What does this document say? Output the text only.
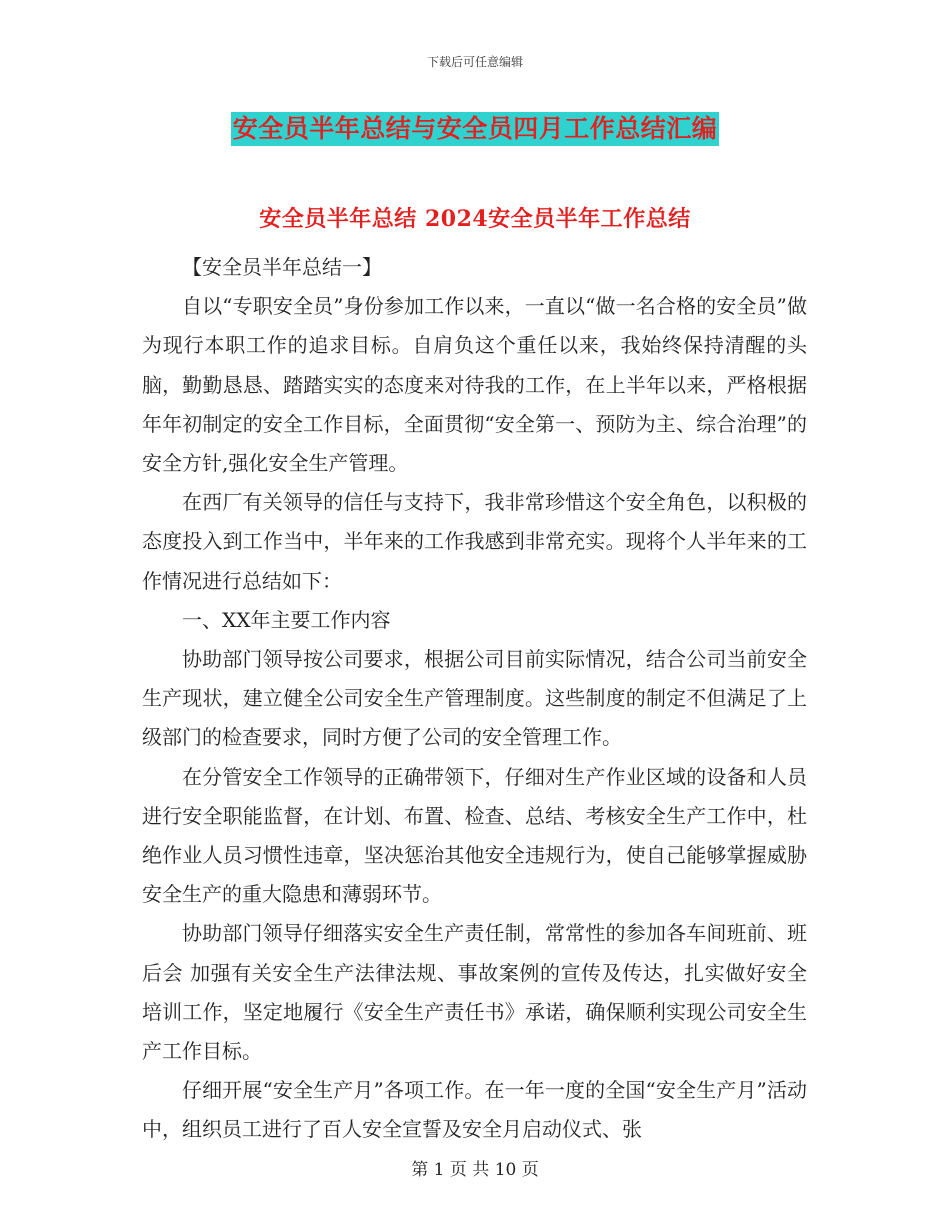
下载后可任意编辑
安全员半年总结与安全员四月工作总结汇编
安全员半年总结 2024安全员半年工作总结

【安全员半年总结一】

自以“专职安全员”身份参加工作以来，一直以“做一名合格的安全员”做为现行本职工作的追求目标。自肩负这个重任以来，我始终保持清醒的头脑，勤勤恳恳、踏踏实实的态度来对待我的工作，在上半年以来，严格根据 年年初制定的安全工作目标，全面贯彻“安全第一、预防为主、综合治理”的安全方针,强化安全生产管理。

在西厂有关领导的信任与支持下，我非常珍惜这个安全角色，以积极的态度投入到工作当中，半年来的工作我感到非常充实。现将个人半年来的工作情况进行总结如下：

一、XX年主要工作内容

协助部门领导按公司要求，根据公司目前实际情况，结合公司当前安全生产现状，建立健全公司安全生产管理制度。这些制度的制定不但满足了上级部门的检查要求，同时方便了公司的安全管理工作。

在分管安全工作领导的正确带领下，仔细对生产作业区域的设备和人员进行安全职能监督，在计划、布置、检查、总结、考核安全生产工作中，杜绝作业人员习惯性违章，坚决惩治其他安全违规行为，使自己能够掌握威胁安全生产的重大隐患和薄弱环节。

协助部门领导仔细落实安全生产责任制，常常性的参加各车间班前、班后会 加强有关安全生产法律法规、事故案例的宣传及传达，扎实做好安全培训工作，坚定地履行《安全生产责任书》承诺，确保顺利实现公司安全生产工作目标。

仔细开展“安全生产月”各项工作。在一年一度的全国“安全生产月”活动中，组织员工进行了百人安全宣誓及安全月启动仪式、张

第 1 页 共 10 页
